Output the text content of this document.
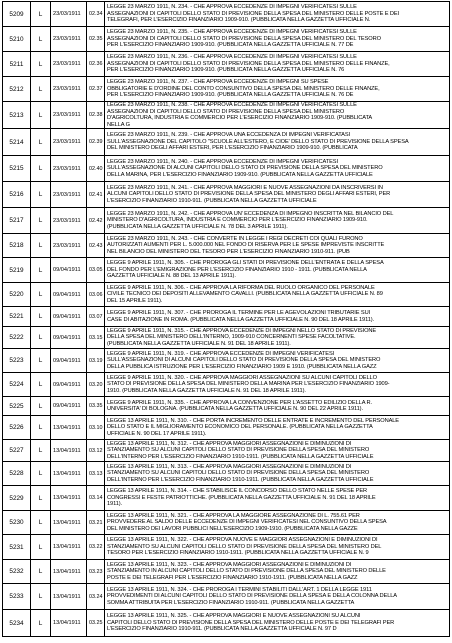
5209	L	23/03/1911	02.34	LEGGE 23 MARZO 1911, N. 234. - CHE APPROVA ECCEDENZE DI IMPEGNI VERIFICATESI SULLE
ASSEGNAZIONI DI CAPITOLI DELLO STATO DI PREVISIONE DELLA SPESA DEL MINISTERO DELLE POSTE E DEI
TELEGRAFI, PER L'ESERCIZIO FINANZIARIO 1909-910. (PUBBLICATA NELLA GAZZETTA UFFICIALE N.

5210	L	23/03/1911	02.35	LEGGE 23 MARZO 1911, N. 235. - CHE APPROVA ECCEDENZE DI IMPEGNI VERIFICATESI SULLE
ASSEGNAZIONI DI CAPITOLI DELLO STATO DI PREVISIONE DELLA SPESA DEL MINISTERO DEL TESORO
PER L'ESERCIZIO FINANZIARIO 1909-910. (PUBBLICATA NELLA GAZZETTA UFFICIALE N. 77 DE

5211	L	23/03/1911	02.36	LEGGE 23 MARZO 1911, N. 236. - CHE APPROVA ECCEDENZE DI IMPEGNI VERIFICATESI SULLE
ASSEGNAZIONI DI CAPITOLI DELLO STATO DI PREVISIONE DELLA SPESA DEL MINISTERO DELLE FINANZE,
PER L'ESERCIZIO FINANZIARIO 1909-910. (PUBBLICATA NELLA GAZZETTA UFFICIALE N. 76

5212	L	23/03/1911	02.37	LEGGE 23 MARZO 1911, N. 237. - CHE APPROVA ECCEDENZE DI IMPEGNI SU SPESE
OBBLIGATORIE E D'ORDINE DEL CONTO CONSUNTIVO DELLA SPESA DEL MINISTERO DELLE FINANZE,
PER L'ESERCIZIO FINANZIARIO 1909-910. (PUBBLICATA NELLA GAZZETTA UFFICIALE N. 76 DE

5213	L	23/03/1911	02.38	LEGGE 23 MARZO 1911, N. 238. - CHE APPROVA ECCEDENZE DI IMPEGNI VERIFICATESI SULLE
ASSEGNAZIONI DI CAPITOLI DELLO STATO DI PREVISIONE DELLA SPESA DEL MINISTERO
D'AGRICOLTURA, INDUSTRIA E COMMERCIO PER L'ESERCIZIO FINANZIARIO 1909-910. (PUBBLICATA
NELLA G

5214	L	23/03/1911	02.39	LEGGE 23 MARZO 1911, N. 239. - CHE APPROVA UNA ECCEDENZA DI IMPEGNI VERIFICATASI
SULL'ASSEGNAZIONE DEL CAPITOLO "SCUOLE ALL'ESTERO, E CIOE' DELLO STATO DI PREVISIONE DELLA SPESA
DEL MINISTERO DEGLI AFFARI ESTERI, PER L'ESERCIZIO FINANZIARIO 1909-910. (PUBBLICATA

5215	L	23/03/1911	02.40	LEGGE 23 MARZO 1911, N. 240. - CHE APPROVA ECCEDENZE DI IMPEGNI VERIFICATESI
SULL'ASSEGNAZIONE DI ALCUNI CAPITOLI DELLO STATO DI PREVISIONE DELLA SPESA DEL MINISTERO
DELLA MARINA, PER L'ESERCIZIO FINANZIARIO 1909-910. (PUBBLICATA NELLA GAZZETTA UFFICIALE

5216	L	23/03/1911	02.41	LEGGE 23 MARZO 1911, N. 241. - CHE APPROVA MAGGIORI E NUOVE ASSEGNAZIONI DA INSCRIVERSI IN
ALCUNI CAPITOLI DELLO STATO DI PREVISIONE DELLA SPESA DEL MINISTERO DEGLI AFFARI ESTERI, PER
L'ESERCIZIO FINANZIARIO 1910-911. (PUBBLICATA NELLA GAZZETTA UFFICIALE

5217	L	23/03/1911	02.42	LEGGE 23 MARZO 1911, N. 242. - CHE APPROVA UN' ECCEDENZA DI IMPEGNO INSCRITTA NEL BILANCIO DEL
MINISTERO D'AGRICOLTURA, INDUSTRIA E COMMERCIO PER L'ESERCIZIO FINANZIARIO 1909-910.
(PUBBLICATA NELLA GAZZETTA UFFICIALE N. 78 DEL 3 APRILE 1911).

5218	L	23/03/1911	02.43	LEGGE 23 MARZO 1911, N. 243. - CHE CONVERTE IN LEGGE I REGI DECRETI COI QUALI FURONO
AUTORIZZATI AUMENTI PER L. 5.000.000 NEL FONDO DI RISERVA PER LE SPESE IMPREVISTE INSCRITTE
NEL BILANCIO DEL MINISTERO DEL TESORO PER L'ESERCIZIO FINANZIARIO 1910-911. (PUB

5219	L	09/04/1911	03.05	LEGGE 9 APRILE 1911, N. 305. - CHE PROROGA GLI STATI DI PREVISIONE DELL'ENTRATA E DELLA SPESA
DEL FONDO PER L'EMIGRAZIONE PER L'ESERCIZIO FINANZIARIO 1910 - 1911. (PUBBLICATA NELLA
GAZZETTA UFFICIALE N. 88 DEL 13 APRILE 1911).

5220	L	09/04/1911	03.06	LEGGE 9 APRILE 1911, N. 306. - CHE APPROVA LA RIFORMA DEL RUOLO ORGANICO DEL PERSONALE
CIVILE TECNICO DEI DEPOSITI ALLEVAMENTO CAVALLI. (PUBBLICATA NELLA GAZZETTA UFFICIALE N. 89
DEL 15 APRILE 1911).

5221	L	09/04/1911	03.07	LEGGE 9 APRILE 1911, N. 307. - CHE PROROGA IL TERMINE PER LE AGEVOLAZIONI TRIBUTARIE SUI
CASE DI ABITAZIONE IN ROMA. (PUBBLICATA NELLA GAZZETTA UFFICIALE N. 90 DEL 18 APRILE 1911).

5222	L	09/04/1911	03.15	LEGGE 9 APRILE 1911, N. 315. - CHE APPROVA ECCEDENZE DI IMPEGNI NELLO STATO DI PREVISIONE
DELLA SPESA DEL MINISTERO DELL'INTERNO, 1909-910 CONCERNENTI SPESE FACOLTATIVE.
(PUBBLICATA NELLA GAZZETTA UFFICIALE N. 91 DEL 18 APRILE 1911).

5223	L	09/04/1911	03.19	LEGGE 9 APRILE 1911, N. 319. - CHE APPROVA ECCEDENZE DI IMPEGNI VERIFICATESI
SULL'ASSEGNAZIONI DI ALCUNI CAPITOLI DELLO STATO DI PREVISIONE DELLA SPESA DEL MINISTERO
DELLA PUBBLICA ISTRUZIONE PER L'ESERCIZIO FINANZIARIO 1909 E 1910. (PUBBLICATA NELLA GAZZ

5224	L	09/04/1911	03.20	LEGGE 9 APRILE 1911, N. 320. - CHE APPROVA MAGGIORI ASSEGNAZIONI SU ALCUNI CAPITOLI DELLO
STATO DI PREVISIONE DELLA SPESA DEL MINISTERO DELLA MARINA PER L'ESERCIZIO FINANZIARIO 1909-
1910. (PUBBLICATA NELLA GAZZETTA UFFICIALE N. 91 DEL 18 APRILE 1911).

5225	L	09/04/1911	03.35	LEGGE 9 APRILE 1911, N. 335. - CHE APPROVA LA CONVENZIONE PER L'ASSETTO EDILIZIO DELLA R.
UNIVERSITA' DI BOLOGNA. (PUBBLICATA NELLA GAZZETTA UFFICIALE N. 90 DEL 22 APRILE 1911).

5226	L	13/04/1911	03.10	LEGGE 13 APRILE 1911, N. 310. - CHE PORTA INCREMENTO DELLE ENTRATE E INCREMENTO DEL PERSONALE
DELLO STATO E IL MIGLIORAMENTO ECONOMICO DEL PERSONALE. (PUBBLICATA NELLA GAZZETTA
UFFICIALE N. 90 DEL 17 APRILE 1911).

5227	L	13/04/1911	03.12	LEGGE 13 APRILE 1911, N. 312. - CHE APPROVA MAGGIORI ASSEGNAZIONI E DIMINUZIONI DI
STANZIAMENTO SU ALCUNI CAPITOLI DELLO STATO DI PREVISIONE DELLA SPESA DEL MINISTERO
DELL'INTERNO PER L'ESERCIZIO FINANZIARIO 1910-1911. (PUBBLICATA NELLA GAZZETTA UFFICIALE

5228	L	13/04/1911	03.13	LEGGE 13 APRILE 1911, N. 313. - CHE APPROVA MAGGIORI ASSEGNAZIONI E DIMINUZIONI DI
STANZIAMENTO SU ALCUNI CAPITOLI DELLO STATO DI PREVISIONE DELLA SPESA DEL MINISTERO
DELL'INTERNO PER L'ESERCIZIO FINANZIARIO 1910-1911. (PUBBLICATA NELLA GAZZETTA UFFICIALE

5229	L	13/04/1911	03.14	LEGGE 13 APRILE 1911, N. 314. - CHE STABILISCE IL CONCORSO DELLO STATO NELLE SPESE PER
CONGRESSI E FESTE PATRIOTTICHE. (PUBBLICATA NELLA GAZZETTA UFFICIALE N. 91 DEL 18 APRILE
1911).

5230	L	13/04/1911	03.21	LEGGE 13 APRILE 1911, N. 321. - CHE APPROVA LA MAGGIORE ASSEGNAZIONE DI L. 755.61 PER
PROVVEDERE AL SALDO DELLE ECCEDENZE DI IMPEGNI VERIFICATESI NEL CONSUNTIVO DELLA SPESA
DEL MINISTERO DEI LAVORI PUBBLICI NELL'ESERCIZIO 1909-1910. (PUBBLICATA NELLA GAZZE

5231	L	13/04/1911	03.22	LEGGE 13 APRILE 1911, N. 322. - CHE APPROVA NUOVE E MAGGIORI ASSEGNAZIONI E DIMINUZIONI DI
STANZIAMENTO SU ALCUNI CAPITOLI DELLO STATO DI PREVISIONE DELLA SPESA DEL MINISTERO DEL
TESORO PER L'ESERCIZIO FINANZIARIO 1910-1911. (PUBBLICATA NELLA GAZZETTA UFFICIALE N. 9

5232	L	13/04/1911	03.23	LEGGE 13 APRILE 1911, N. 323. - CHE APPROVA MAGGIORI ASSEGNAZIONI E DIMINUZIONI DI
STANZIAMENTO IN ALCUNI CAPITOLI DELLO STATO DI PREVISIONE DELLA SPESA DEL MINISTERO DELLE
POSTE E DEI TELEGRAFI PER L'ESERCIZIO FINANZIARIO 1910-1911. (PUBBLICATA NELLA GAZZ

5233	L	13/04/1911	03.24	LEGGE 13 APRILE 1911, N. 324. - CHE PROROGA I TERMINI STABILITI DALL'ART. 1 DELLA LEGGE 1911
PROVVEDIMENTI DI ALCUNI CAPITOLI DELLO STATO DI PREVISIONE DELLA SPESA E DELLA COLONNA DELLA
SOMMA ATTRIBUITA PER L'ESERCIZIO FINANZIARIO 1910-911. (PUBBLICATA NELLA GAZZETTA

5234	L	13/04/1911	03.25	LEGGE 13 APRILE 1911, N. 325. - CHE APPROVA MAGGIORI E NUOVE ASSEGNAZIONI SU ALCUNI
CAPITOLI DELLO STATO DI PREVISIONE DELLA SPESA DEL MINISTERO DELLE POSTE E DEI TELEGRAFI PER
L'ESERCIZIO FINANZIARIO 1910-911. (PUBBLICATA NELLA GAZZETTA UFFICIALE N. 97 D
